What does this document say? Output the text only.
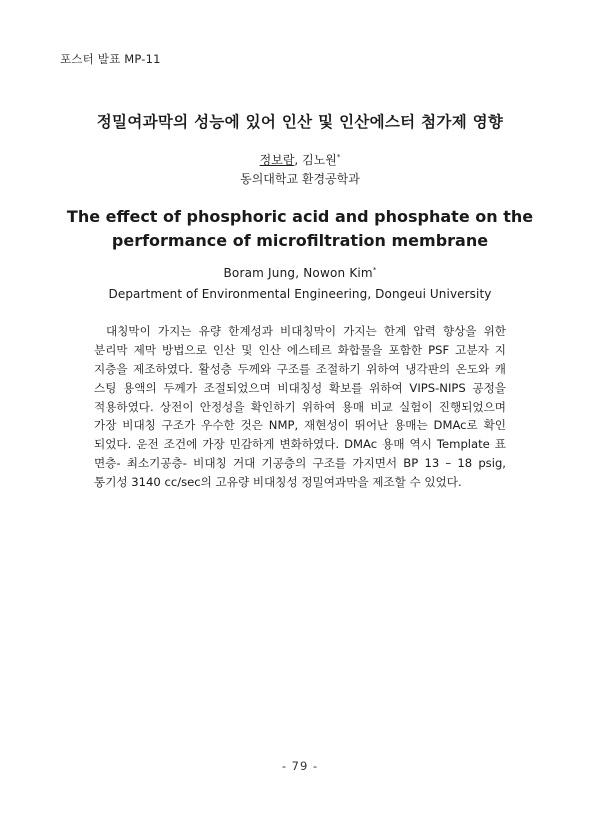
포스터 발표 MP-11
정밀여과막의 성능에 있어 인산 및 인산에스터 첨가제 영향
정보람, 김노원*
동의대학교 환경공학과
The effect of phosphoric acid and phosphate on the
performance of microfiltration membrane
Boram Jung, Nowon Kim*
Department of Environmental Engineering, Dongeui University
대칭막이 가지는 유량 한계성과 비대칭막이 가지는 한계 압력 향상을 위한
분리막 제막 방법으로 인산 및 인산 에스테르 화합물을 포함한 PSF 고분자 지
지층을 제조하였다. 활성층 두께와 구조를 조절하기 위하여 냉각판의 온도와 캐
스팅 용액의 두께가 조절되었으며 비대칭성 확보를 위하여 VIPS-NIPS 공정을
적용하였다. 상전이 안정성을 확인하기 위하여 용매 비교 실험이 진행되었으며
가장 비대칭 구조가 우수한 것은 NMP, 재현성이 뛰어난 용매는 DMAc로 확인
되었다. 운전 조건에 가장 민감하게 변화하였다. DMAc 용매 역시 Template 표
면층- 최소기공층- 비대칭 거대 기공층의 구조를 가지면서 BP 13 – 18 psig,
통기성 3140 cc/sec의 고유량 비대칭성 정밀여과막을 제조할 수 있었다.
- 79 -
